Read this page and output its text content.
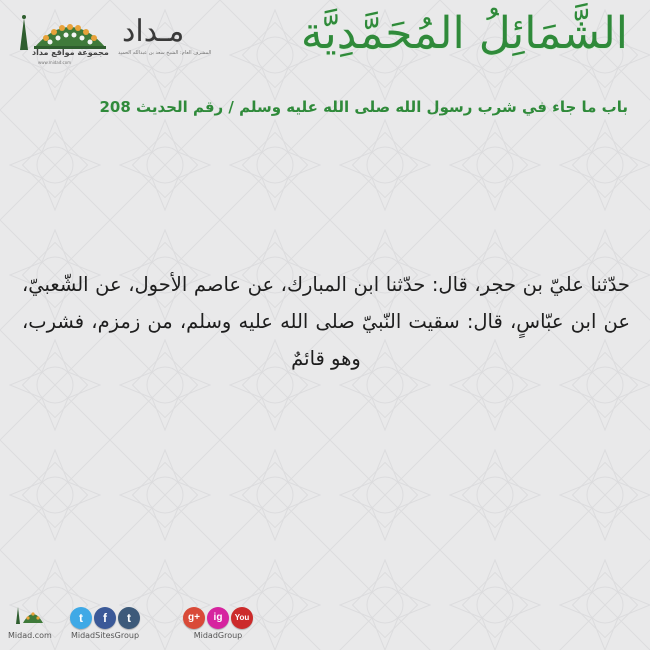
مجموعة مواقع مداد
www.midad.com
مـداد
المشرف العام: الشيخ سعد بن عبدالله الحميد الشَّمَائِلُ المُحَمَّدِيَّة
باب ما جاء في شرب رسول الله صلى الله عليه وسلم / رقم الحديث 208
حدّثنا عليّ بن حجر، قال: حدّثنا ابن المبارك، عن عاصم الأحول، عن الشّعبيّ، عن ابن عبّاسٍ، قال: سقيت النّبيّ صلى الله عليه وسلم، من زمزم، فشرب، وهو قائمٌ
Midad.com
t	f	t
MidadSitesGroup
g+	ig	You
MidadGroup
